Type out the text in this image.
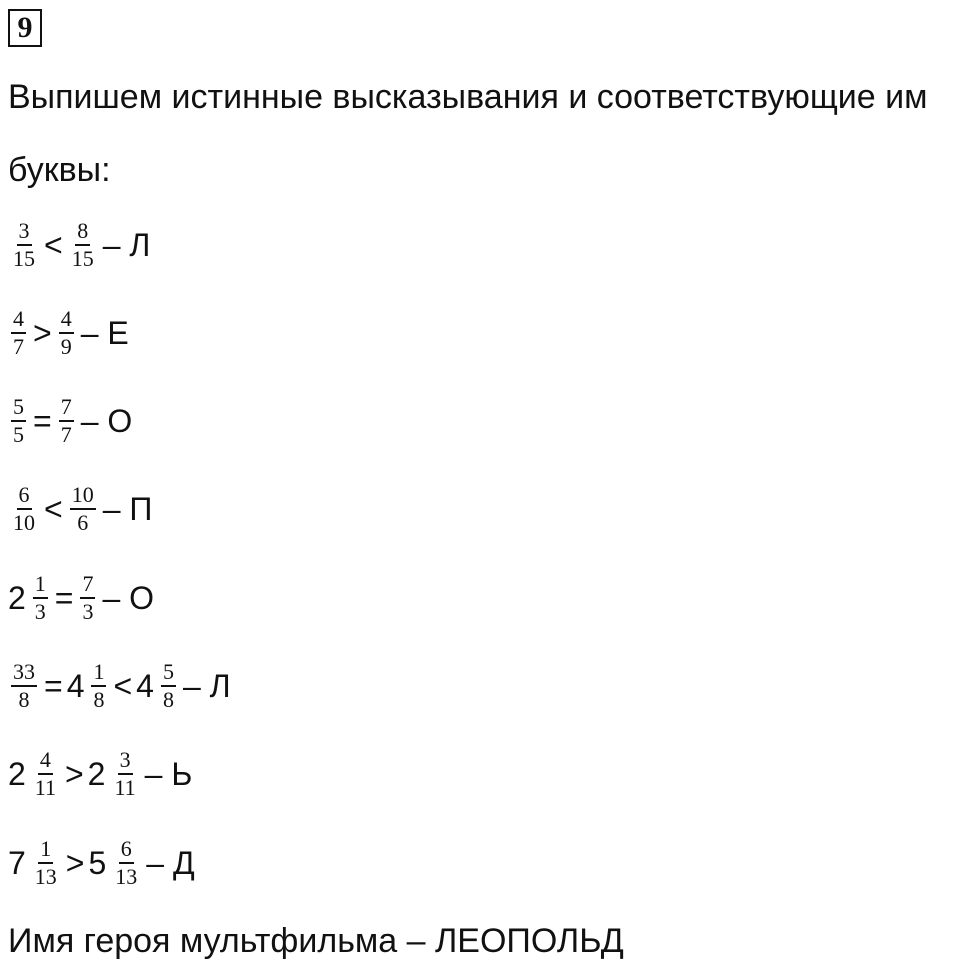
9
Выпишем истинные высказывания и соответствующие им
буквы:
$\frac{3}{15} < \frac{8}{15} - Л$
$\frac{4}{7} > \frac{4}{9} - Е$
$\frac{5}{5} = \frac{7}{7} - О$
$\frac{6}{10} < \frac{10}{6} - П$
$2 \frac{1}{3} = \frac{7}{3} - О$
$\frac{33}{8} = 4 \frac{1}{8} < 4 \frac{5}{8} - Л$
$2 \frac{4}{11} > 2 \frac{3}{11} - Ь$
$7 \frac{1}{13} > 5 \frac{6}{13} - Д$
Имя героя мультфильма – ЛЕОПОЛЬД
